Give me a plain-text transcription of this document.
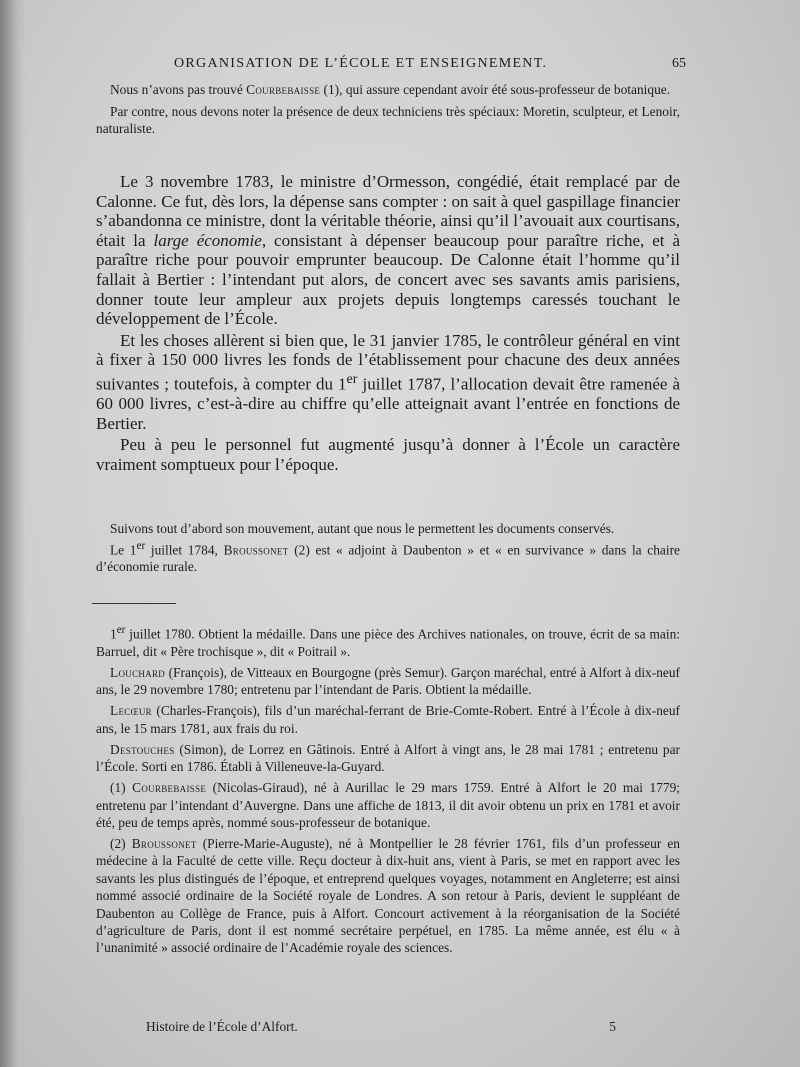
ORGANISATION DE L’ÉCOLE ET ENSEIGNEMENT.	65

Nous n’avons pas trouvé Courbebaisse (1), qui assure cependant avoir été sous-professeur de botanique.

Par contre, nous devons noter la présence de deux techniciens très spéciaux: Moretin, sculpteur, et Lenoir, naturaliste.

Le 3 novembre 1783, le ministre d’Ormesson, congédié, était remplacé par de Calonne. Ce fut, dès lors, la dépense sans compter : on sait à quel gaspillage financier s’abandonna ce ministre, dont la véritable théorie, ainsi qu’il l’avouait aux courtisans, était la large économie, consistant à dépenser beaucoup pour paraître riche, et à paraître riche pour pouvoir emprunter beaucoup. De Calonne était l’homme qu’il fallait à Bertier : l’intendant put alors, de concert avec ses savants amis parisiens, donner toute leur ampleur aux projets depuis longtemps caressés touchant le développement de l’École.

Et les choses allèrent si bien que, le 31 janvier 1785, le contrôleur général en vint à fixer à 150 000 livres les fonds de l’établissement pour chacune des deux années suivantes ; toutefois, à compter du 1er juillet 1787, l’allocation devait être ramenée à 60 000 livres, c’est-à-dire au chiffre qu’elle atteignait avant l’entrée en fonctions de Bertier.

Peu à peu le personnel fut augmenté jusqu’à donner à l’École un caractère vraiment somptueux pour l’époque.

Suivons tout d’abord son mouvement, autant que nous le permettent les documents conservés.

Le 1er juillet 1784, Broussonet (2) est « adjoint à Daubenton » et « en survivance » dans la chaire d’économie rurale.

1er juillet 1780. Obtient la médaille. Dans une pièce des Archives nationales, on trouve, écrit de sa main: Barruel, dit « Père trochisque », dit « Poitrail ».

Louchard (François), de Vitteaux en Bourgogne (près Semur). Garçon maréchal, entré à Alfort à dix-neuf ans, le 29 novembre 1780; entretenu par l’intendant de Paris. Obtient la médaille.

Lecœur (Charles-François), fils d’un maréchal-ferrant de Brie-Comte-Robert. Entré à l’École à dix-neuf ans, le 15 mars 1781, aux frais du roi.

Destouches (Simon), de Lorrez en Gâtinois. Entré à Alfort à vingt ans, le 28 mai 1781 ; entretenu par l’École. Sorti en 1786. Établi à Villeneuve-la-Guyard.

(1) Courbebaisse (Nicolas-Giraud), né à Aurillac le 29 mars 1759. Entré à Alfort le 20 mai 1779; entretenu par l’intendant d’Auvergne. Dans une affiche de 1813, il dit avoir obtenu un prix en 1781 et avoir été, peu de temps après, nommé sous-professeur de botanique.

(2) Broussonet (Pierre-Marie-Auguste), né à Montpellier le 28 février 1761, fils d’un professeur en médecine à la Faculté de cette ville. Reçu docteur à dix-huit ans, vient à Paris, se met en rapport avec les savants les plus distingués de l’époque, et entreprend quelques voyages, notamment en Angleterre; est ainsi nommé associé ordinaire de la Société royale de Londres. A son retour à Paris, devient le suppléant de Daubenton au Collège de France, puis à Alfort. Concourt activement à la réorganisation de la Société d’agriculture de Paris, dont il est nommé secrétaire perpétuel, en 1785. La même année, est élu « à l’unanimité » associé ordinaire de l’Académie royale des sciences.

Histoire de l’École d’Alfort.	5
